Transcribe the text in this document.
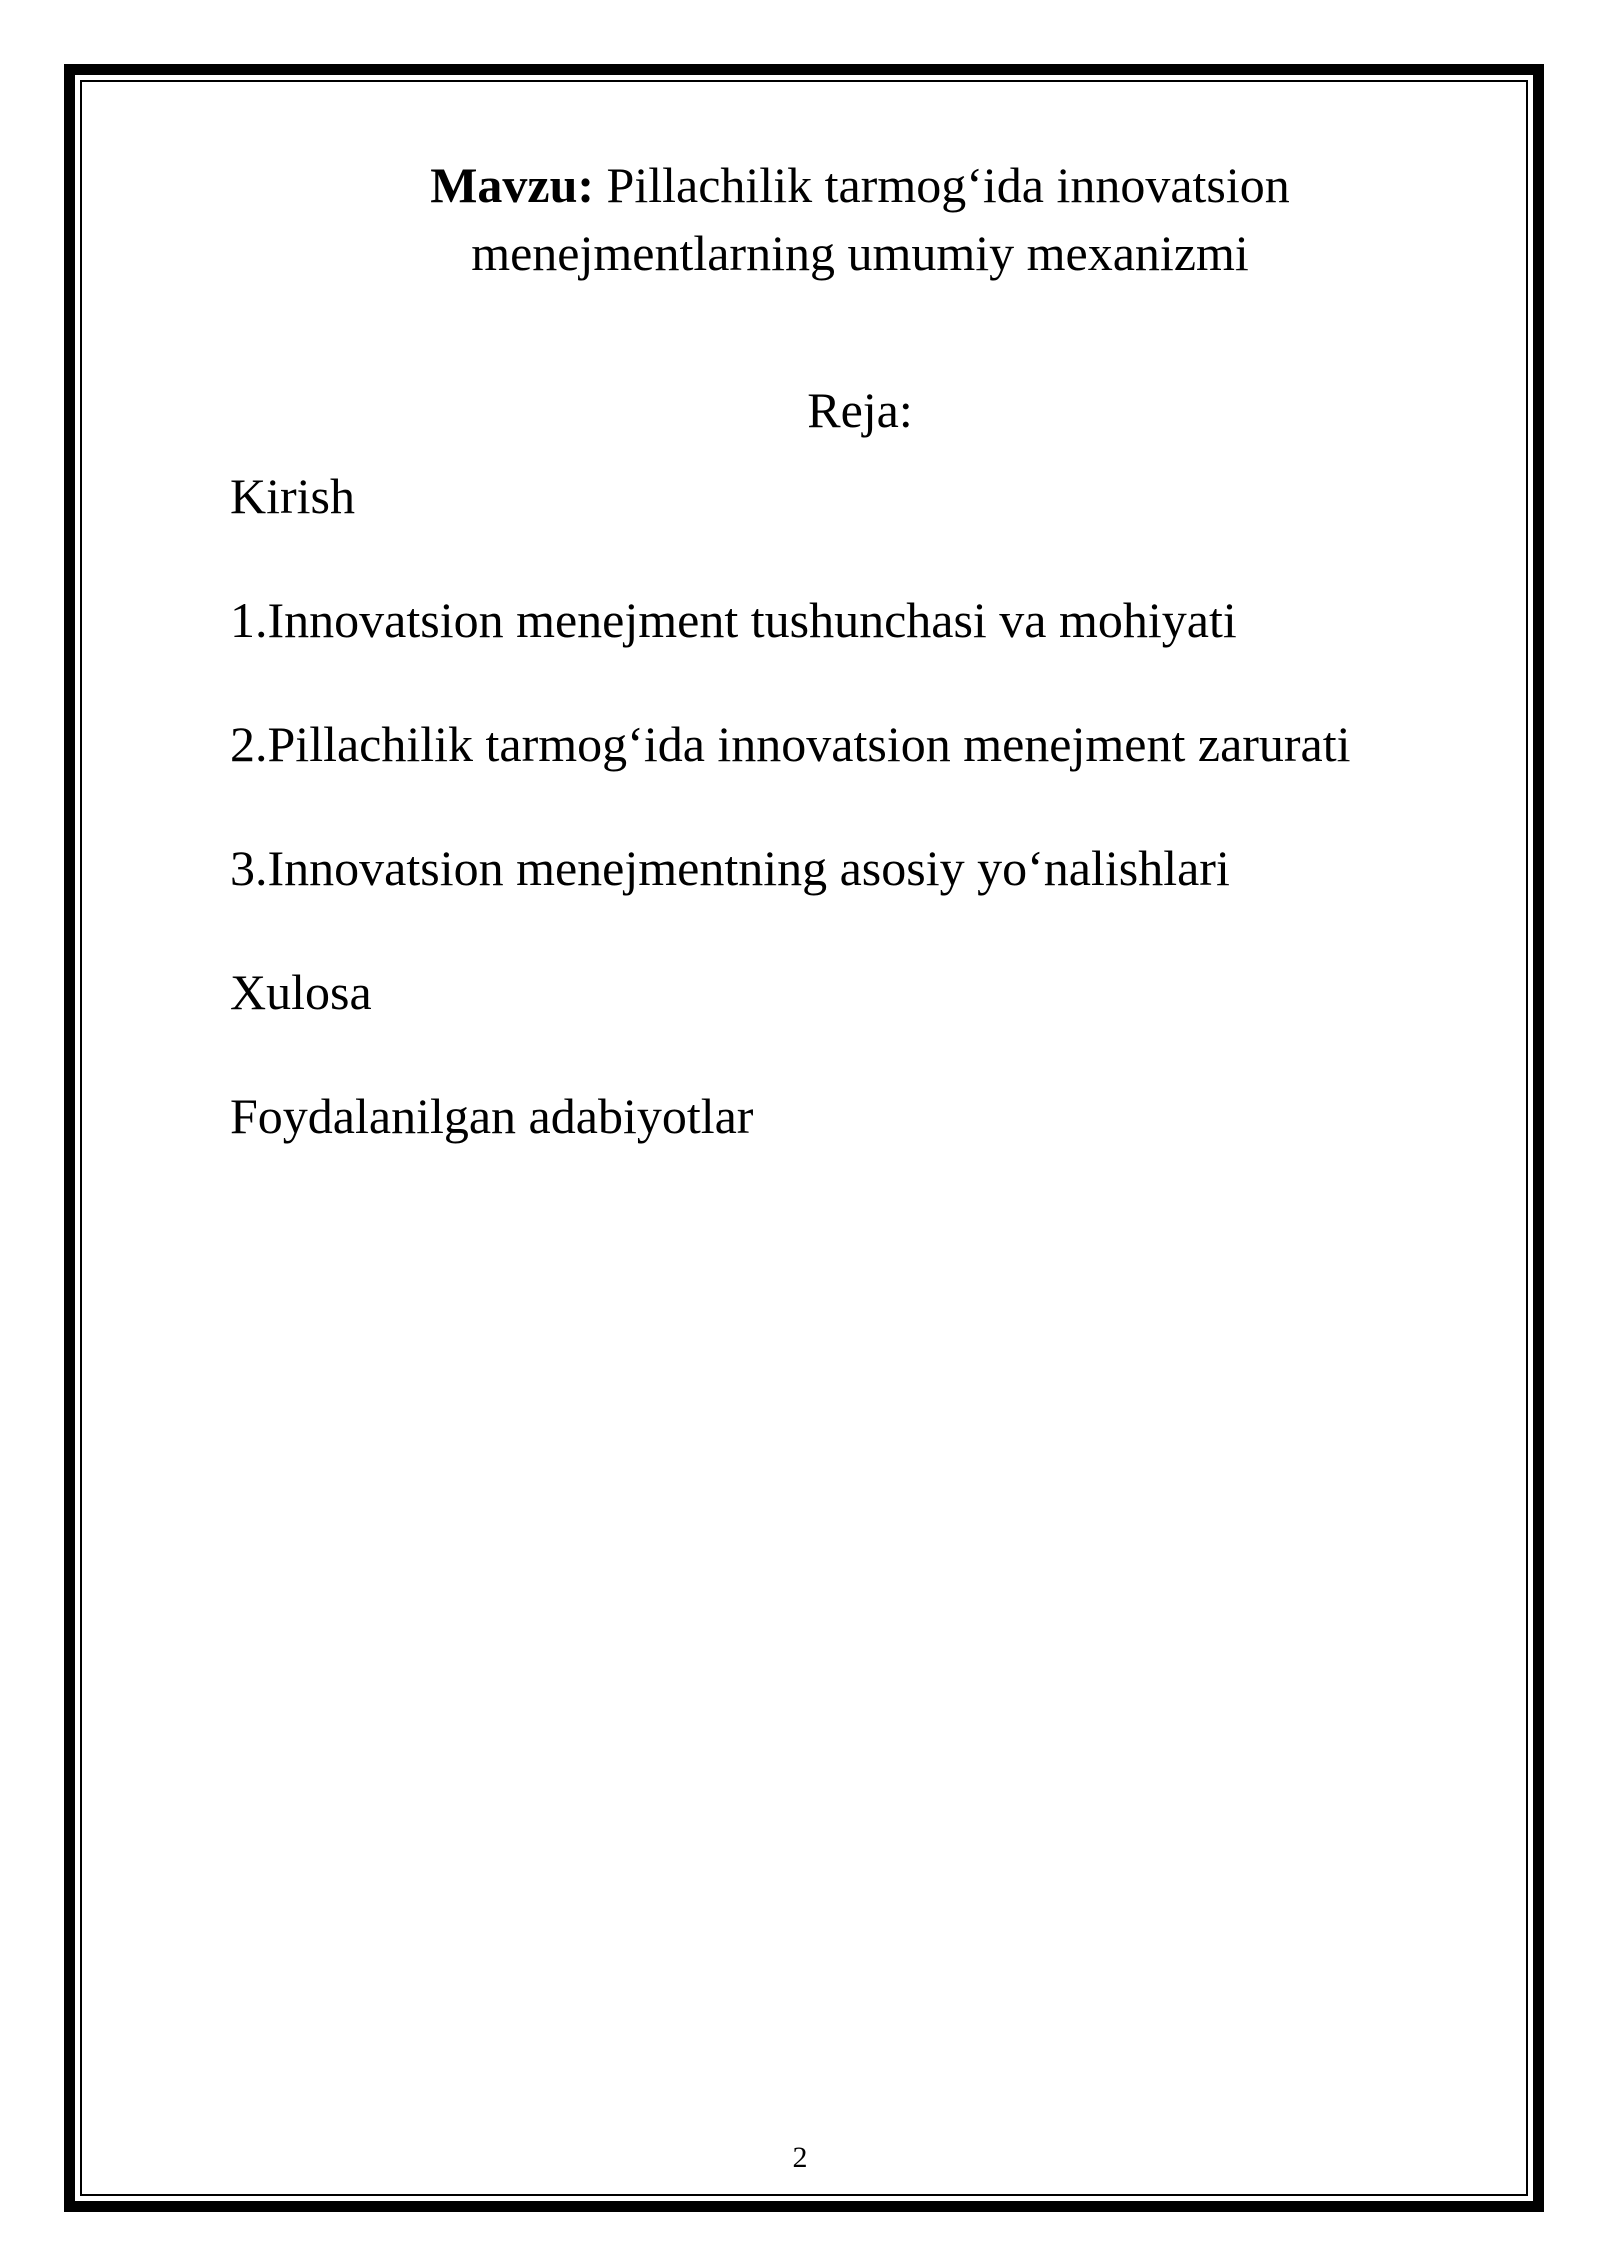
Mavzu: Pillachilik tarmog‘ida innovatsion
menejmentlarning umumiy mexanizmi

Reja:

Kirish
1.Innovatsion menejment tushunchasi va mohiyati
2.Pillachilik tarmog‘ida innovatsion menejment zarurati
3.Innovatsion menejmentning asosiy yo‘nalishlari
Xulosa
Foydalanilgan adabiyotlar
2
